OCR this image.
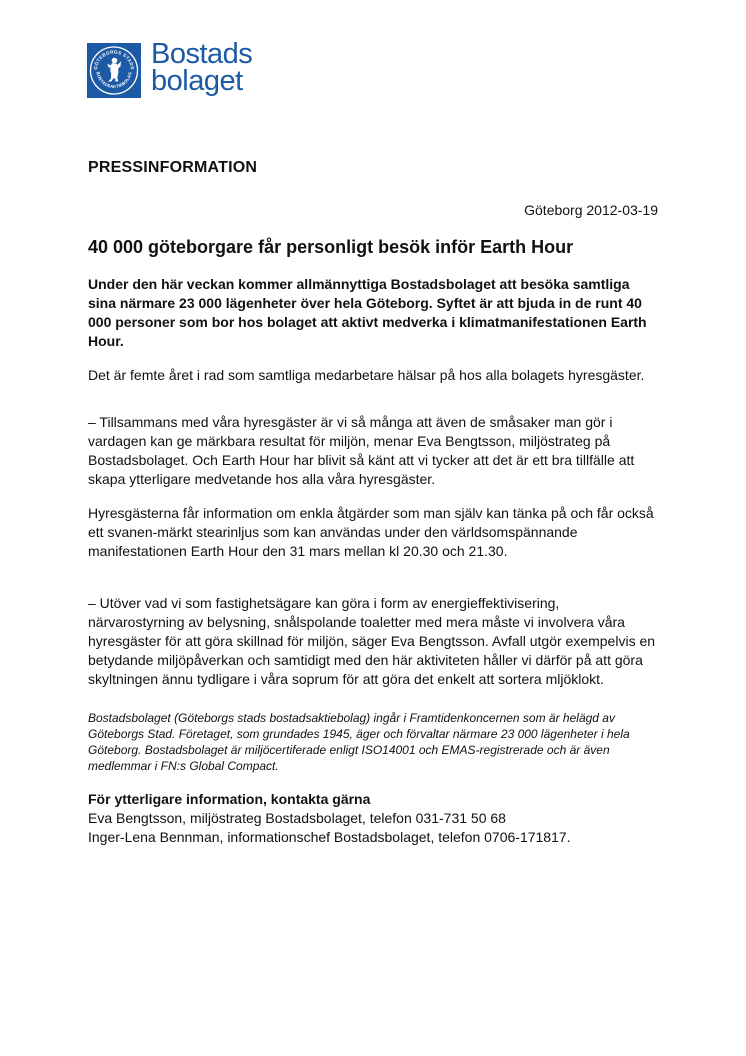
GÖTEBORGS STADS
BOSTADSAKTIEBOLAG
Bostads
bolaget

PRESSINFORMATION

Göteborg 2012-03-19

40 000 göteborgare får personligt besök inför Earth Hour

Under den här veckan kommer allmännyttiga Bostadsbolaget att besöka samtliga sina närmare 23 000 lägenheter över hela Göteborg. Syftet är att bjuda in de runt 40 000 personer som bor hos bolaget att aktivt medverka i klimatmanifestationen Earth Hour.

Det är femte året i rad som samtliga medarbetare hälsar på hos alla bolagets hyresgäster.

– Tillsammans med våra hyresgäster är vi så många att även de småsaker man gör i vardagen kan ge märkbara resultat för miljön, menar Eva Bengtsson, miljöstrateg på Bostadsbolaget. Och Earth Hour har blivit så känt att vi tycker att det är ett bra tillfälle att skapa ytterligare medvetande hos alla våra hyresgäster.

Hyresgästerna får information om enkla åtgärder som man själv kan tänka på och får också ett svanen-märkt stearinljus som kan användas under den världsomspännande manifestationen Earth Hour den 31 mars mellan kl 20.30 och 21.30.

– Utöver vad vi som fastighetsägare kan göra i form av energieffektivisering, närvarostyrning av belysning, snålspolande toaletter med mera måste vi involvera våra hyresgäster för att göra skillnad för miljön, säger Eva Bengtsson. Avfall utgör exempelvis en betydande miljöpåverkan och samtidigt med den här aktiviteten håller vi därför på att göra skyltningen ännu tydligare i våra soprum för att göra det enkelt att sortera mljöklokt.

Bostadsbolaget (Göteborgs stads bostadsaktiebolag) ingår i Framtidenkoncernen som är helägd av Göteborgs Stad. Företaget, som grundades 1945, äger och förvaltar närmare 23 000 lägenheter i hela Göteborg. Bostadsbolaget är miljöcertiferade enligt ISO14001 och EMAS-registrerade och är även medlemmar i FN:s Global Compact.

För ytterligare information, kontakta gärna

Eva Bengtsson, miljöstrateg Bostadsbolaget, telefon 031-731 50 68

Inger-Lena Bennman, informationschef Bostadsbolaget, telefon 0706-171817.
